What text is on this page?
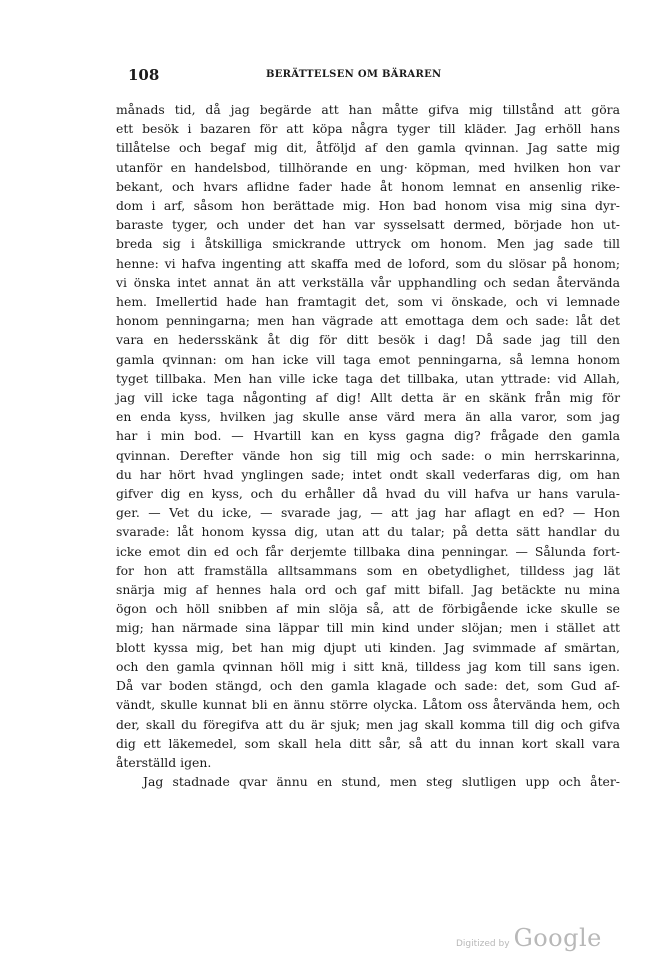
108	BERÄTTELSEN OM BÄRAREN
månads tid, då jag begärde att han måtte gifva mig tillstånd att göra
ett besök i bazaren för att köpa några tyger till kläder. Jag erhöll hans
tillåtelse och begaf mig dit, åtföljd af den gamla qvinnan. Jag satte mig
utanför en handelsbod, tillhörande en ung· köpman, med hvilken hon var
bekant, och hvars aflidne fader hade åt honom lemnat en ansenlig rike-
dom i arf, såsom hon berättade mig. Hon bad honom visa mig sina dyr-
baraste tyger, och under det han var sysselsatt dermed, började hon ut-
breda sig i åtskilliga smickrande uttryck om honom. Men jag sade till
henne: vi hafva ingenting att skaffa med de loford, som du slösar på honom;
vi önska intet annat än att verkställa vår upphandling och sedan återvända
hem. Imellertid hade han framtagit det, som vi önskade, och vi lemnade
honom penningarna; men han vägrade att emottaga dem och sade: låt det
vara en hedersskänk åt dig för ditt besök i dag! Då sade jag till den
gamla qvinnan: om han icke vill taga emot penningarna, så lemna honom
tyget tillbaka. Men han ville icke taga det tillbaka, utan yttrade: vid Allah,
jag vill icke taga någonting af dig! Allt detta är en skänk från mig för
en enda kyss, hvilken jag skulle anse värd mera än alla varor, som jag
har i min bod. — Hvartill kan en kyss gagna dig? frågade den gamla
qvinnan. Derefter vände hon sig till mig och sade: o min herrskarinna,
du har hört hvad ynglingen sade; intet ondt skall vederfaras dig, om han
gifver dig en kyss, och du erhåller då hvad du vill hafva ur hans varula-
ger. — Vet du icke, — svarade jag, — att jag har aflagt en ed? — Hon
svarade: låt honom kyssa dig, utan att du talar; på detta sätt handlar du
icke emot din ed och får derjemte tillbaka dina penningar. — Sålunda fort-
for hon att framställa alltsammans som en obetydlighet, tilldess jag lät
snärja mig af hennes hala ord och gaf mitt bifall. Jag betäckte nu mina
ögon och höll snibben af min slöja så, att de förbigående icke skulle se
mig; han närmade sina läppar till min kind under slöjan; men i stället att
blott kyssa mig, bet han mig djupt uti kinden. Jag svimmade af smärtan,
och den gamla qvinnan höll mig i sitt knä, tilldess jag kom till sans igen.
Då var boden stängd, och den gamla klagade och sade: det, som Gud af-
vändt, skulle kunnat bli en ännu större olycka. Låtom oss återvända hem, och
der, skall du föregifva att du är sjuk; men jag skall komma till dig och gifva
dig ett läkemedel, som skall hela ditt sår, så att du innan kort skall vara
återställd igen.
Jag stadnade qvar ännu en stund, men steg slutligen upp och åter-
Digitized by Google
